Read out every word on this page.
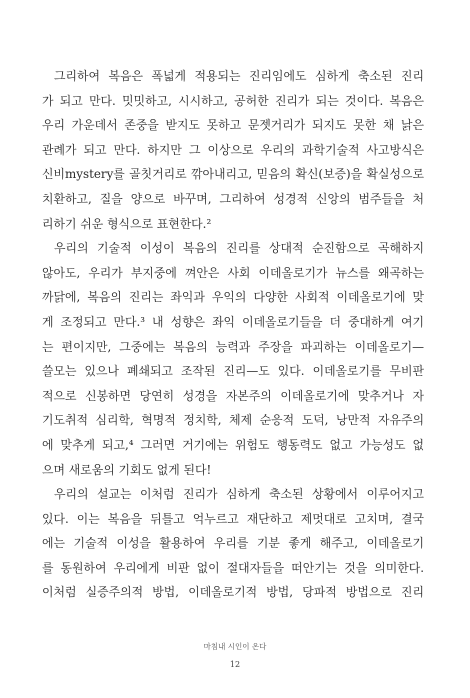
그리하여 복음은 폭넓게 적용되는 진리임에도 심하게 축소된 진리
가 되고 만다. 밋밋하고, 시시하고, 공허한 진리가 되는 것이다. 복음은
우리 가운데서 존중을 받지도 못하고 문젯거리가 되지도 못한 채 낡은
관례가 되고 만다. 하지만 그 이상으로 우리의 과학기술적 사고방식은
신비mystery를 골칫거리로 깎아내리고, 믿음의 확신(보증)을 확실성으로
치환하고, 질을 양으로 바꾸며, 그리하여 성경적 신앙의 범주들을 처
리하기 쉬운 형식으로 표현한다.²
우리의 기술적 이성이 복음의 진리를 상대적 순진함으로 곡해하지
않아도, 우리가 부지중에 껴안은 사회 이데올로기가 뉴스를 왜곡하는
까닭에, 복음의 진리는 좌익과 우익의 다양한 사회적 이데올로기에 맞
게 조정되고 만다.³ 내 성향은 좌익 이데올로기들을 더 중대하게 여기
는 편이지만, 그중에는 복음의 능력과 주장을 파괴하는 이데올로기—
쓸모는 있으나 폐쇄되고 조작된 진리—도 있다. 이데올로기를 무비판
적으로 신봉하면 당연히 성경을 자본주의 이데올로기에 맞추거나 자
기도취적 심리학, 혁명적 정치학, 체제 순응적 도덕, 낭만적 자유주의
에 맞추게 되고,⁴ 그러면 거기에는 위험도 행동력도 없고 가능성도 없
으며 새로움의 기회도 없게 된다!
우리의 설교는 이처럼 진리가 심하게 축소된 상황에서 이루어지고
있다. 이는 복음을 뒤틀고 억누르고 재단하고 제멋대로 고치며, 결국
에는 기술적 이성을 활용하여 우리를 기분 좋게 해주고, 이데올로기
를 동원하여 우리에게 비판 없이 절대자들을 떠안기는 것을 의미한다.
이처럼 실증주의적 방법, 이데올로기적 방법, 당파적 방법으로 진리
마침내 시인이 온다
12
